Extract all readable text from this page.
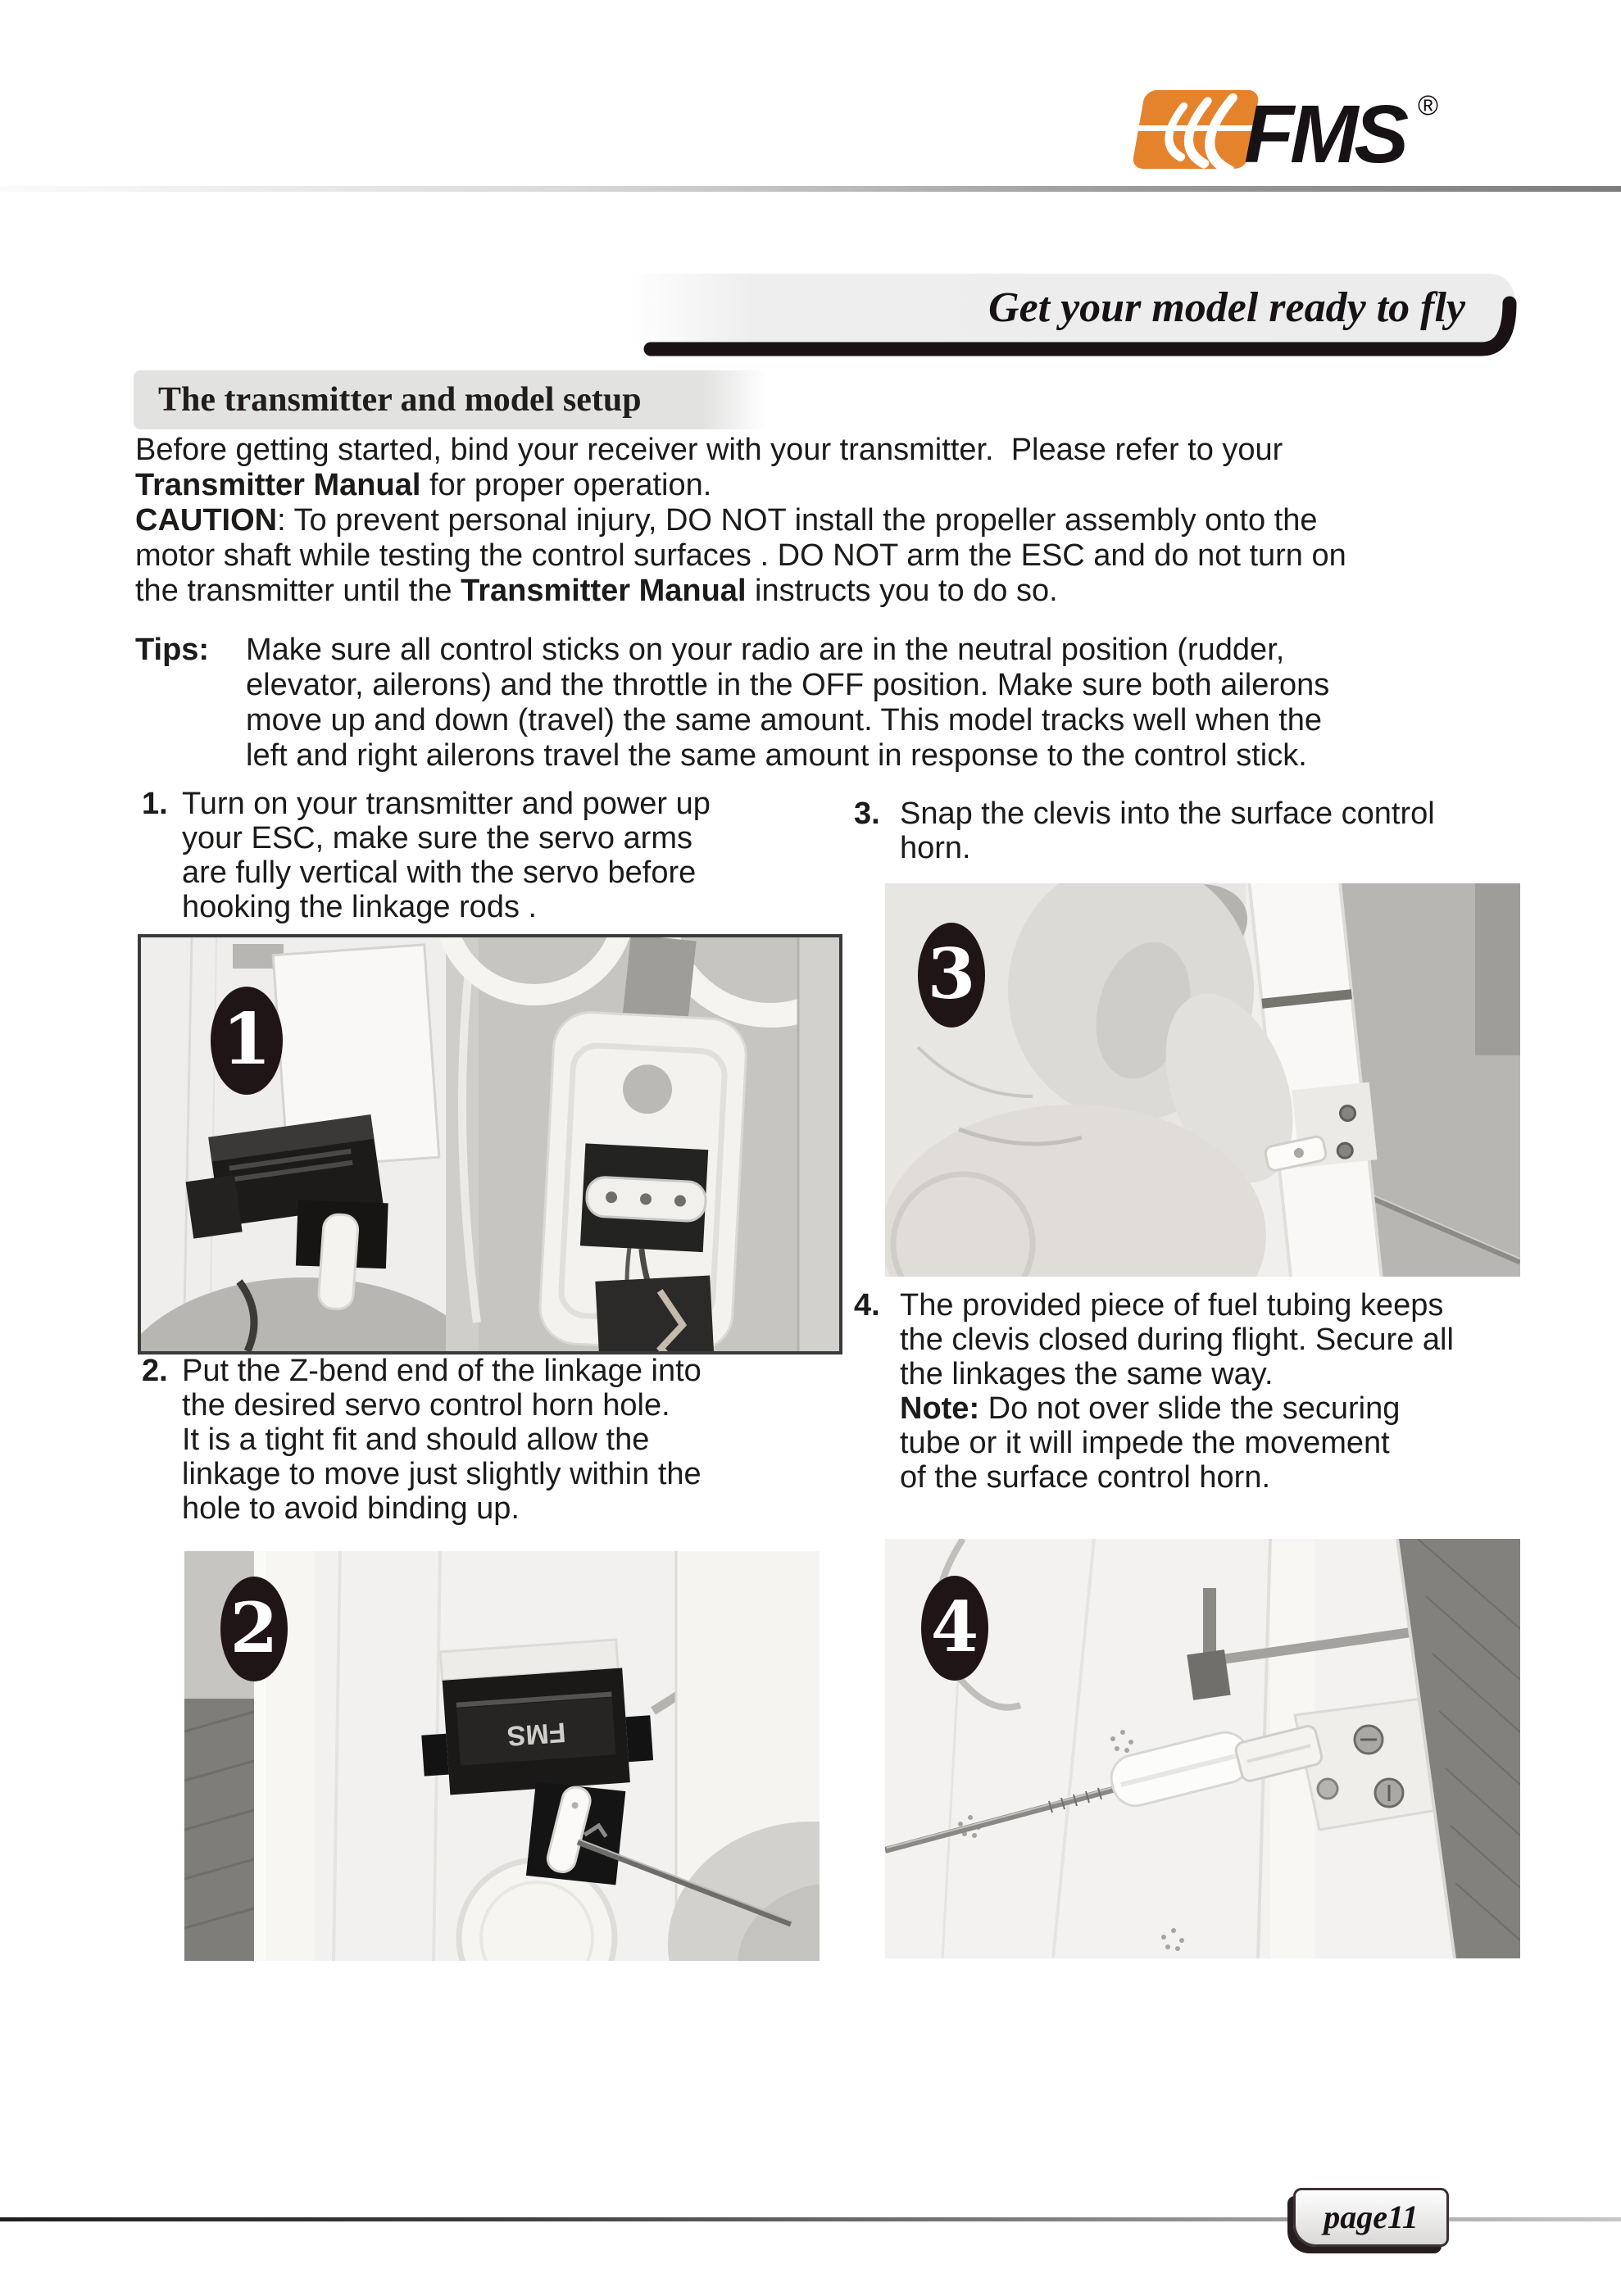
FMS ®
Get your model ready to fly
The transmitter and model setup
Before getting started, bind your receiver with your transmitter.  Please refer to your
Transmitter Manual for proper operation.
CAUTION: To prevent personal injury, DO NOT install the propeller assembly onto the
motor shaft while testing the control surfaces . DO NOT arm the ESC and do not turn on
the transmitter until the Transmitter Manual instructs you to do so.
Tips: Make sure all control sticks on your radio are in the neutral position (rudder,
elevator, ailerons) and the throttle in the OFF position. Make sure both ailerons
move up and down (travel) the same amount. This model tracks well when the
left and right ailerons travel the same amount in response to the control stick.
1. Turn on your transmitter and power up
your ESC, make sure the servo arms
are fully vertical with the servo before
hooking the linkage rods .
3. Snap the clevis into the surface control
horn.
1
3
2. Put the Z-bend end of the linkage into
the desired servo control horn hole.
It is a tight fit and should allow the
linkage to move just slightly within the
hole to avoid binding up.
4. The provided piece of fuel tubing keeps
the clevis closed during flight. Secure all
the linkages the same way.
Note: Do not over slide the securing
tube or it will impede the movement
of the surface control horn.
FMS
2	4
page11
